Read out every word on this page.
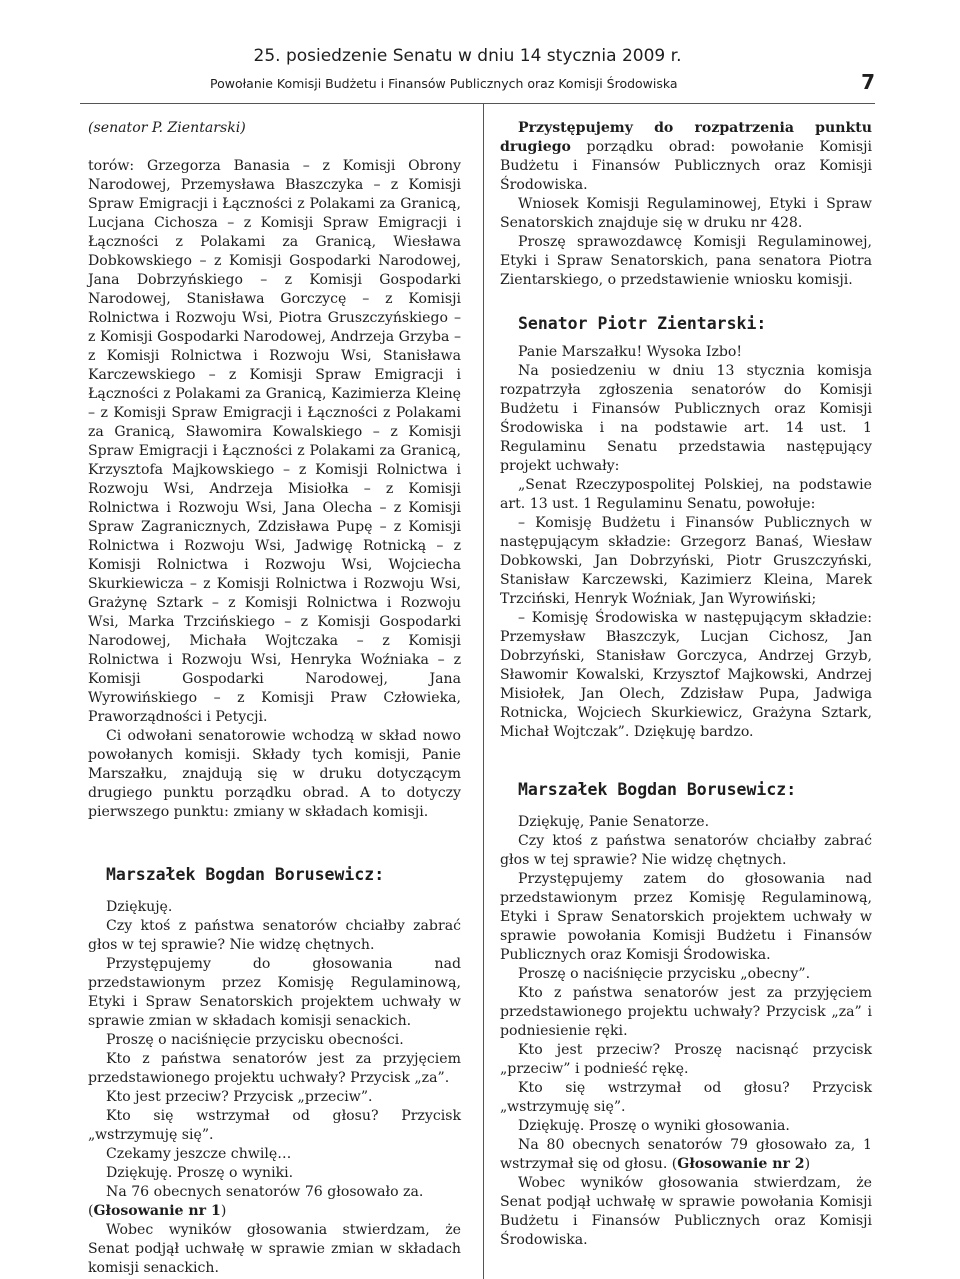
25. posiedzenie Senatu w dniu 14 stycznia 2009 r.
Powołanie Komisji Budżetu i Finansów Publicznych oraz Komisji Środowiska	7

(senator P. Zientarski)

torów: Grzegorza Banasia – z Komisji Obrony Narodowej, Przemysława Błaszczyka – z Komisji Spraw Emigracji i Łączności z Polakami za Granicą, Lucjana Cichosza – z Komisji Spraw Emigracji i Łączności z Polakami za Granicą, Wiesława Dobkowskiego – z Komisji Gospodarki Narodowej, Jana Dobrzyńskiego – z Komisji Gospodarki Narodowej, Stanisława Gorczycę – z Komisji Rolnictwa i Rozwoju Wsi, Piotra Gruszczyńskiego – z Komisji Gospodarki Narodowej, Andrzeja Grzyba – z Komisji Rolnictwa i Rozwoju Wsi, Stanisława Karczewskiego – z Komisji Spraw Emigracji i Łączności z Polakami za Granicą, Kazimierza Kleinę – z Komisji Spraw Emigracji i Łączności z Polakami za Granicą, Sławomira Kowalskiego – z Komisji Spraw Emigracji i Łączności z Polakami za Granicą, Krzysztofa Majkowskiego – z Komisji Rolnictwa i Rozwoju Wsi, Andrzeja Misiołka – z Komisji Rolnictwa i Rozwoju Wsi, Jana Olecha – z Komisji Spraw Zagranicznych, Zdzisława Pupę – z Komisji Rolnictwa i Rozwoju Wsi, Jadwigę Rotnicką – z Komisji Rolnictwa i Rozwoju Wsi, Wojciecha Skurkiewicza – z Komisji Rolnictwa i Rozwoju Wsi, Grażynę Sztark – z Komisji Rolnictwa i Rozwoju Wsi, Marka Trzcińskiego – z Komisji Gospodarki Narodowej, Michała Wojtczaka – z Komisji Rolnictwa i Rozwoju Wsi, Henryka Woźniaka – z Komisji Gospodarki Narodowej, Jana Wyrowińskiego – z Komisji Praw Człowieka, Praworządności i Petycji.

Ci odwołani senatorowie wchodzą w skład nowo powołanych komisji. Składy tych komisji, Panie Marszałku, znajdują się w druku dotyczącym drugiego punktu porządku obrad. A to dotyczy pierwszego punktu: zmiany w składach komisji.

Marszałek Bogdan Borusewicz:

Dziękuję.

Czy ktoś z państwa senatorów chciałby zabrać głos w tej sprawie? Nie widzę chętnych.

Przystępujemy do głosowania nad przedstawionym przez Komisję Regulaminową, Etyki i Spraw Senatorskich projektem uchwały w sprawie zmian w składach komisji senackich.

Proszę o naciśnięcie przycisku obecności.

Kto z państwa senatorów jest za przyjęciem przedstawionego projektu uchwały? Przycisk „za”.

Kto jest przeciw? Przycisk „przeciw”.

Kto się wstrzymał od głosu? Przycisk „wstrzymuję się”.

Czekamy jeszcze chwilę…

Dziękuję. Proszę o wyniki.

Na 76 obecnych senatorów 76 głosowało za.

(Głosowanie nr 1)

Wobec wyników głosowania stwierdzam, że Senat podjął uchwałę w sprawie zmian w składach komisji senackich.

Przystępujemy do rozpatrzenia punktu drugiego porządku obrad: powołanie Komisji Budżetu i Finansów Publicznych oraz Komisji Środowiska.

Wniosek Komisji Regulaminowej, Etyki i Spraw Senatorskich znajduje się w druku nr 428.

Proszę sprawozdawcę Komisji Regulaminowej, Etyki i Spraw Senatorskich, pana senatora Piotra Zientarskiego, o przedstawienie wniosku komisji.

Senator Piotr Zientarski:

Panie Marszałku! Wysoka Izbo!

Na posiedzeniu w dniu 13 stycznia komisja rozpatrzyła zgłoszenia senatorów do Komisji Budżetu i Finansów Publicznych oraz Komisji Środowiska i na podstawie art. 14 ust. 1 Regulaminu Senatu przedstawia następujący projekt uchwały:

„Senat Rzeczypospolitej Polskiej, na podstawie art. 13 ust. 1 Regulaminu Senatu, powołuje:

– Komisję Budżetu i Finansów Publicznych w następującym składzie: Grzegorz Banaś, Wiesław Dobkowski, Jan Dobrzyński, Piotr Gruszczyński, Stanisław Karczewski, Kazimierz Kleina, Marek Trzciński, Henryk Woźniak, Jan Wyrowiński;

– Komisję Środowiska w następującym składzie: Przemysław Błaszczyk, Lucjan Cichosz, Jan Dobrzyński, Stanisław Gorczyca, Andrzej Grzyb, Sławomir Kowalski, Krzysztof Majkowski, Andrzej Misiołek, Jan Olech, Zdzisław Pupa, Jadwiga Rotnicka, Wojciech Skurkiewicz, Grażyna Sztark, Michał Wojtczak”. Dziękuję bardzo.

Marszałek Bogdan Borusewicz:

Dziękuję, Panie Senatorze.

Czy ktoś z państwa senatorów chciałby zabrać głos w tej sprawie? Nie widzę chętnych.

Przystępujemy zatem do głosowania nad przedstawionym przez Komisję Regulaminową, Etyki i Spraw Senatorskich projektem uchwały w sprawie powołania Komisji Budżetu i Finansów Publicznych oraz Komisji Środowiska.

Proszę o naciśnięcie przycisku „obecny”.

Kto z państwa senatorów jest za przyjęciem przedstawionego projektu uchwały? Przycisk „za” i podniesienie ręki.

Kto jest przeciw? Proszę nacisnąć przycisk „przeciw” i podnieść rękę.

Kto się wstrzymał od głosu? Przycisk „wstrzymuję się”.

Dziękuję. Proszę o wyniki głosowania.

Na 80 obecnych senatorów 79 głosowało za, 1 wstrzymał się od głosu. (Głosowanie nr 2)

Wobec wyników głosowania stwierdzam, że Senat podjął uchwałę w sprawie powołania Komisji Budżetu i Finansów Publicznych oraz Komisji Środowiska.
